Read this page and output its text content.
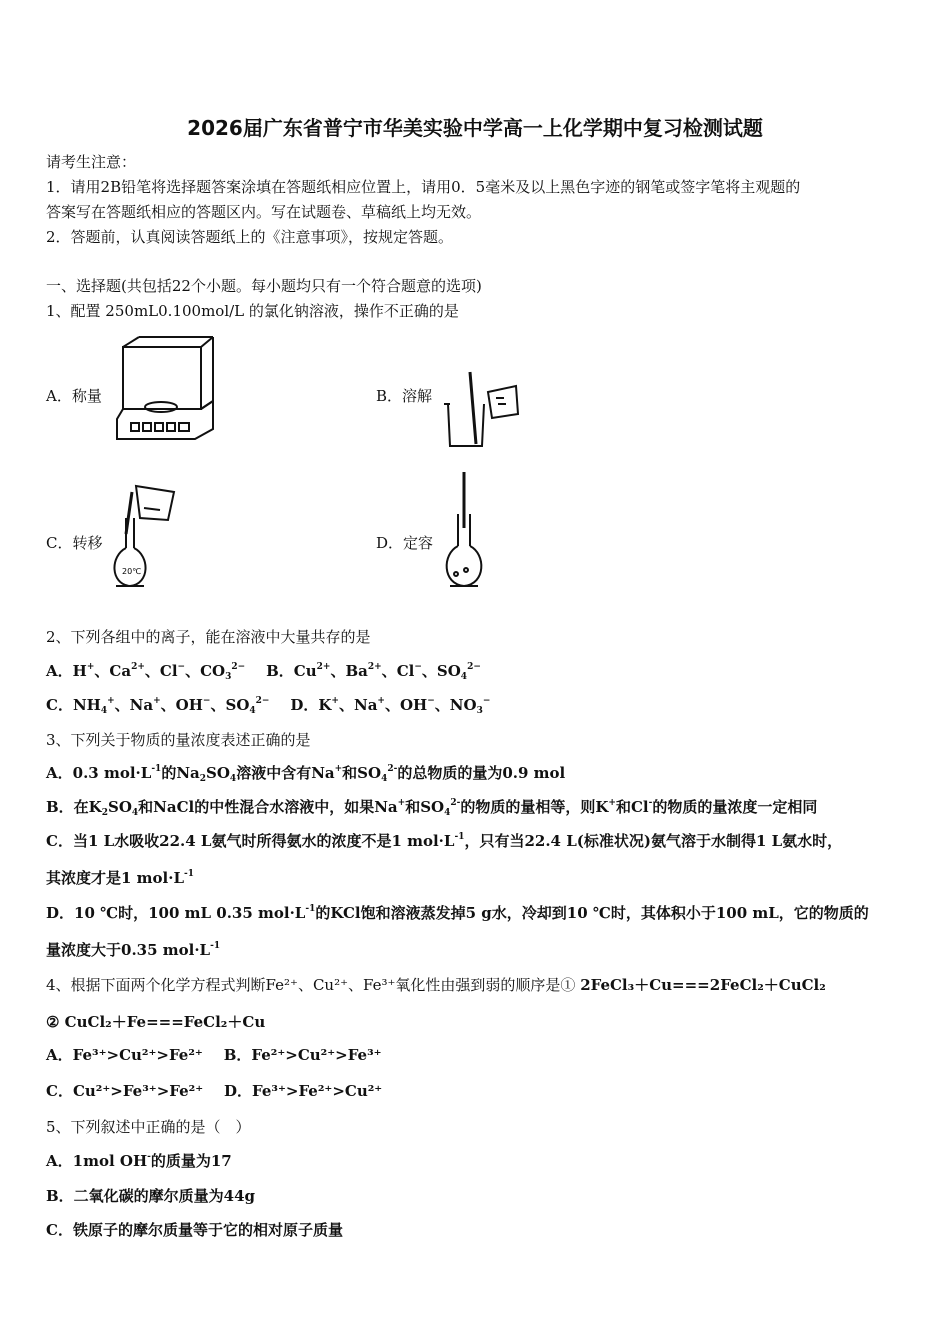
2026届广东省普宁市华美实验中学高一上化学期中复习检测试题
请考生注意：
1．请用2B铅笔将选择题答案涂填在答题纸相应位置上，请用0．5毫米及以上黑色字迹的钢笔或签字笔将主观题的
答案写在答题纸相应的答题区内。写在试题卷、草稿纸上均无效。
2．答题前，认真阅读答题纸上的《注意事项》，按规定答题。
一、选择题(共包括22个小题。每小题均只有一个符合题意的选项)
1、配置 250mL0.100mol/L 的氯化钠溶液，操作不正确的是
A．称量	B．溶解
C．转移
20℃
D．定容
2、下列各组中的离子，能在溶液中大量共存的是
A．H+、$Ca^{2+}$、Cl−、$CO_3^{2-}$ B．$Cu^{2+}$、$Ba^{2+}$、Cl−、$SO_4^{2-}$
C．$NH_4^+$、Na+、OH−、$SO_4^{2-}$ D．K+、Na+、OH−、$NO_3^-$
3、下列关于物质的量浓度表述正确的是
A．0.3 $mol\cdot L^{-1}$的$Na_2SO_4$溶液中含有Na+和$SO_4^{2-}$的总物质的量为0.9 mol
B．在$K_2SO_4$和NaCl的中性混合水溶液中，如果Na+和$SO_4^{2-}$的物质的量相等，则K+和Cl-的物质的量浓度一定相同
C．当1 L水吸收22.4 L氨气时所得氨水的浓度不是1 $mol\cdot L^{-1}$，只有当22.4 L(标准状况)氨气溶于水制得1 L氨水时，
其浓度才是1 $mol\cdot L^{-1}$
D．10 ℃时，100 mL 0.35 $mol\cdot L^{-1}$的KCl饱和溶液蒸发掉5 g水，冷却到10 ℃时，其体积小于100 mL，它的物质的
量浓度大于0.35 $mol\cdot L^{-1}$
4、根据下面两个化学方程式判断Fe²⁺、Cu²⁺、Fe³⁺氧化性由强到弱的顺序是① 2FeCl₃＋Cu===2FeCl₂＋CuCl₂
② CuCl₂＋Fe===FeCl₂＋Cu
A．Fe³⁺>Cu²⁺>Fe²⁺ B．Fe²⁺>Cu²⁺>Fe³⁺
C．Cu²⁺>Fe³⁺>Fe²⁺ D．Fe³⁺>Fe²⁺>Cu²⁺
5、下列叙述中正确的是（　）
A．1mol OH-的质量为17
B．二氧化碳的摩尔质量为44g
C．铁原子的摩尔质量等于它的相对原子质量
